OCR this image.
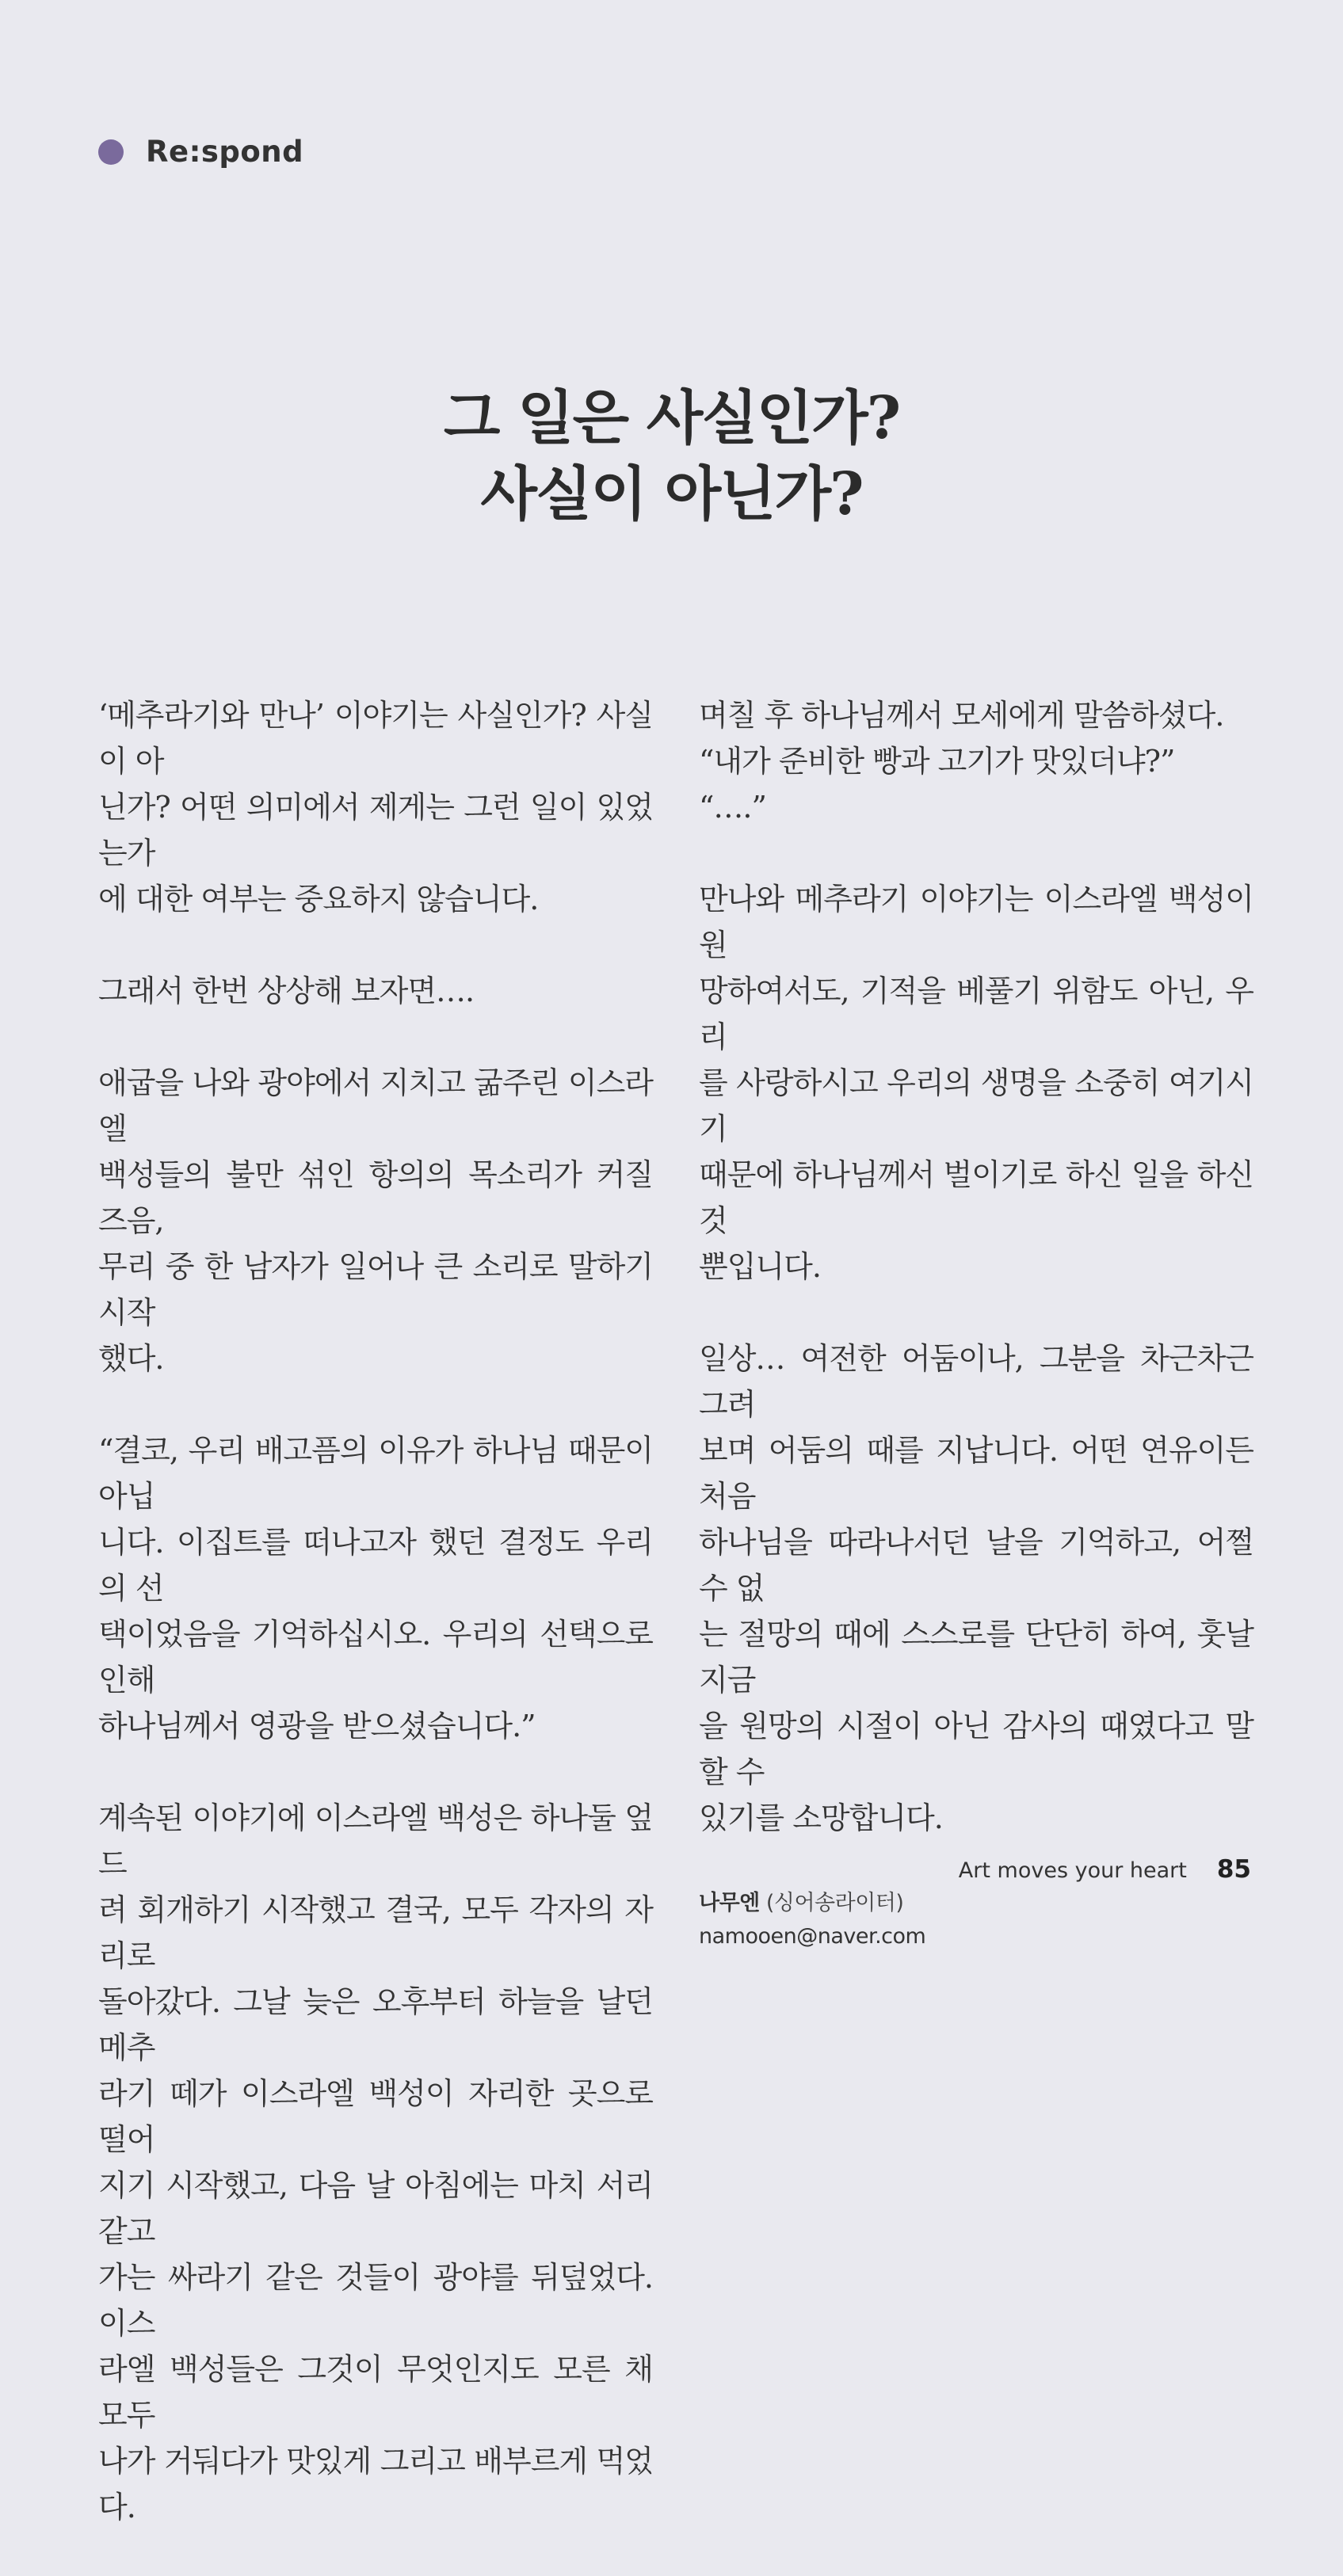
Re:spond
그 일은 사실인가?
사실이 아닌가?

‘메추라기와 만나’ 이야기는 사실인가? 사실이 아
닌가? 어떤 의미에서 제게는 그런 일이 있었는가
에 대한 여부는 중요하지 않습니다.

그래서 한번 상상해 보자면….

애굽을 나와 광야에서 지치고 굶주린 이스라엘
백성들의 불만 섞인 항의의 목소리가 커질 즈음,
무리 중 한 남자가 일어나 큰 소리로 말하기 시작
했다.

“결코, 우리 배고픔의 이유가 하나님 때문이 아닙
니다. 이집트를 떠나고자 했던 결정도 우리의 선
택이었음을 기억하십시오. 우리의 선택으로 인해
하나님께서 영광을 받으셨습니다.”

계속된 이야기에 이스라엘 백성은 하나둘 엎드
려 회개하기 시작했고 결국, 모두 각자의 자리로
돌아갔다. 그날 늦은 오후부터 하늘을 날던 메추
라기 떼가 이스라엘 백성이 자리한 곳으로 떨어
지기 시작했고, 다음 날 아침에는 마치 서리 같고
가는 싸라기 같은 것들이 광야를 뒤덮었다. 이스
라엘 백성들은 그것이 무엇인지도 모른 채 모두
나가 거둬다가 맛있게 그리고 배부르게 먹었다.

며칠 후 하나님께서 모세에게 말씀하셨다.
“내가 준비한 빵과 고기가 맛있더냐?”
“….”

만나와 메추라기 이야기는 이스라엘 백성이 원
망하여서도, 기적을 베풀기 위함도 아닌, 우리
를 사랑하시고 우리의 생명을 소중히 여기시기
때문에 하나님께서 벌이기로 하신 일을 하신 것
뿐입니다.

일상… 여전한 어둠이나, 그분을 차근차근 그려
보며 어둠의 때를 지납니다. 어떤 연유이든 처음
하나님을 따라나서던 날을 기억하고, 어쩔 수 없
는 절망의 때에 스스로를 단단히 하여, 훗날 지금
을 원망의 시절이 아닌 감사의 때였다고 말할 수
있기를 소망합니다.

나무엔 (싱어송라이터)
namooen@naver.com
Art moves your heart 85
